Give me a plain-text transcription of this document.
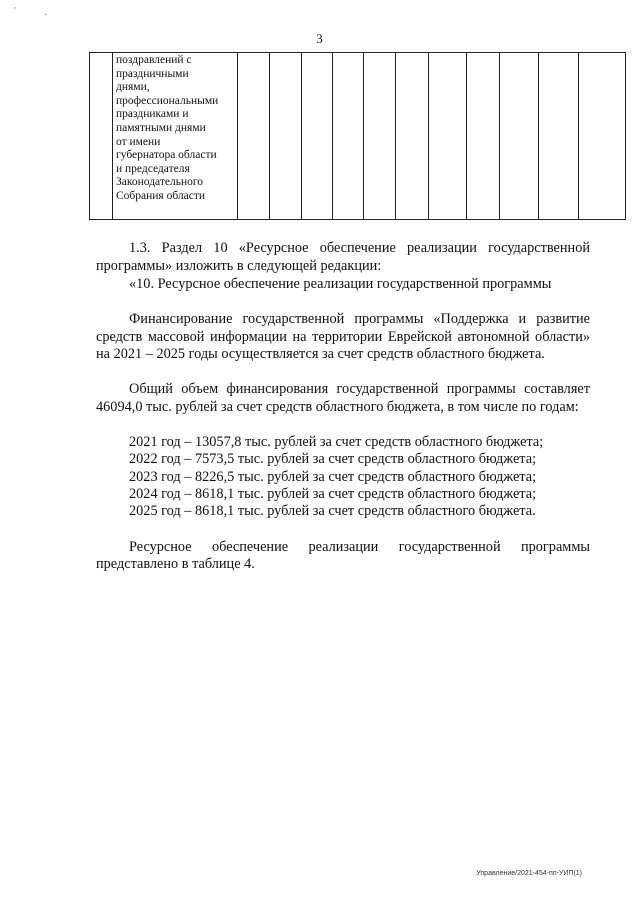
'	·
3

поздравлений с
праздничными
днями,
профессиональными
праздниками и
памятными днями
от имени
губернатора области
и председателя
Законодательного
Собрания области

1.3. Раздел 10 «Ресурсное обеспечение реализации государственной программы» изложить в следующей редакции:

«10. Ресурсное обеспечение реализации государственной программы

Финансирование государственной программы «Поддержка и развитие средств массовой информации на территории Еврейской автономной области» на 2021 – 2025 годы осуществляется за счет средств областного бюджета.

Общий объем финансирования государственной программы составляет 46094,0 тыс. рублей за счет средств областного бюджета, в том числе по годам:

2021 год – 13057,8 тыс. рублей за счет средств областного бюджета;

2022 год – 7573,5 тыс. рублей за счет средств областного бюджета;

2023 год – 8226,5 тыс. рублей за счет средств областного бюджета;

2024 год – 8618,1 тыс. рублей за счет средств областного бюджета;

2025 год – 8618,1 тыс. рублей за счет средств областного бюджета.

Ресурсное обеспечение реализации государственной программы

представлено в таблице 4.

Управление/2021-454-пп-УИП(1)
